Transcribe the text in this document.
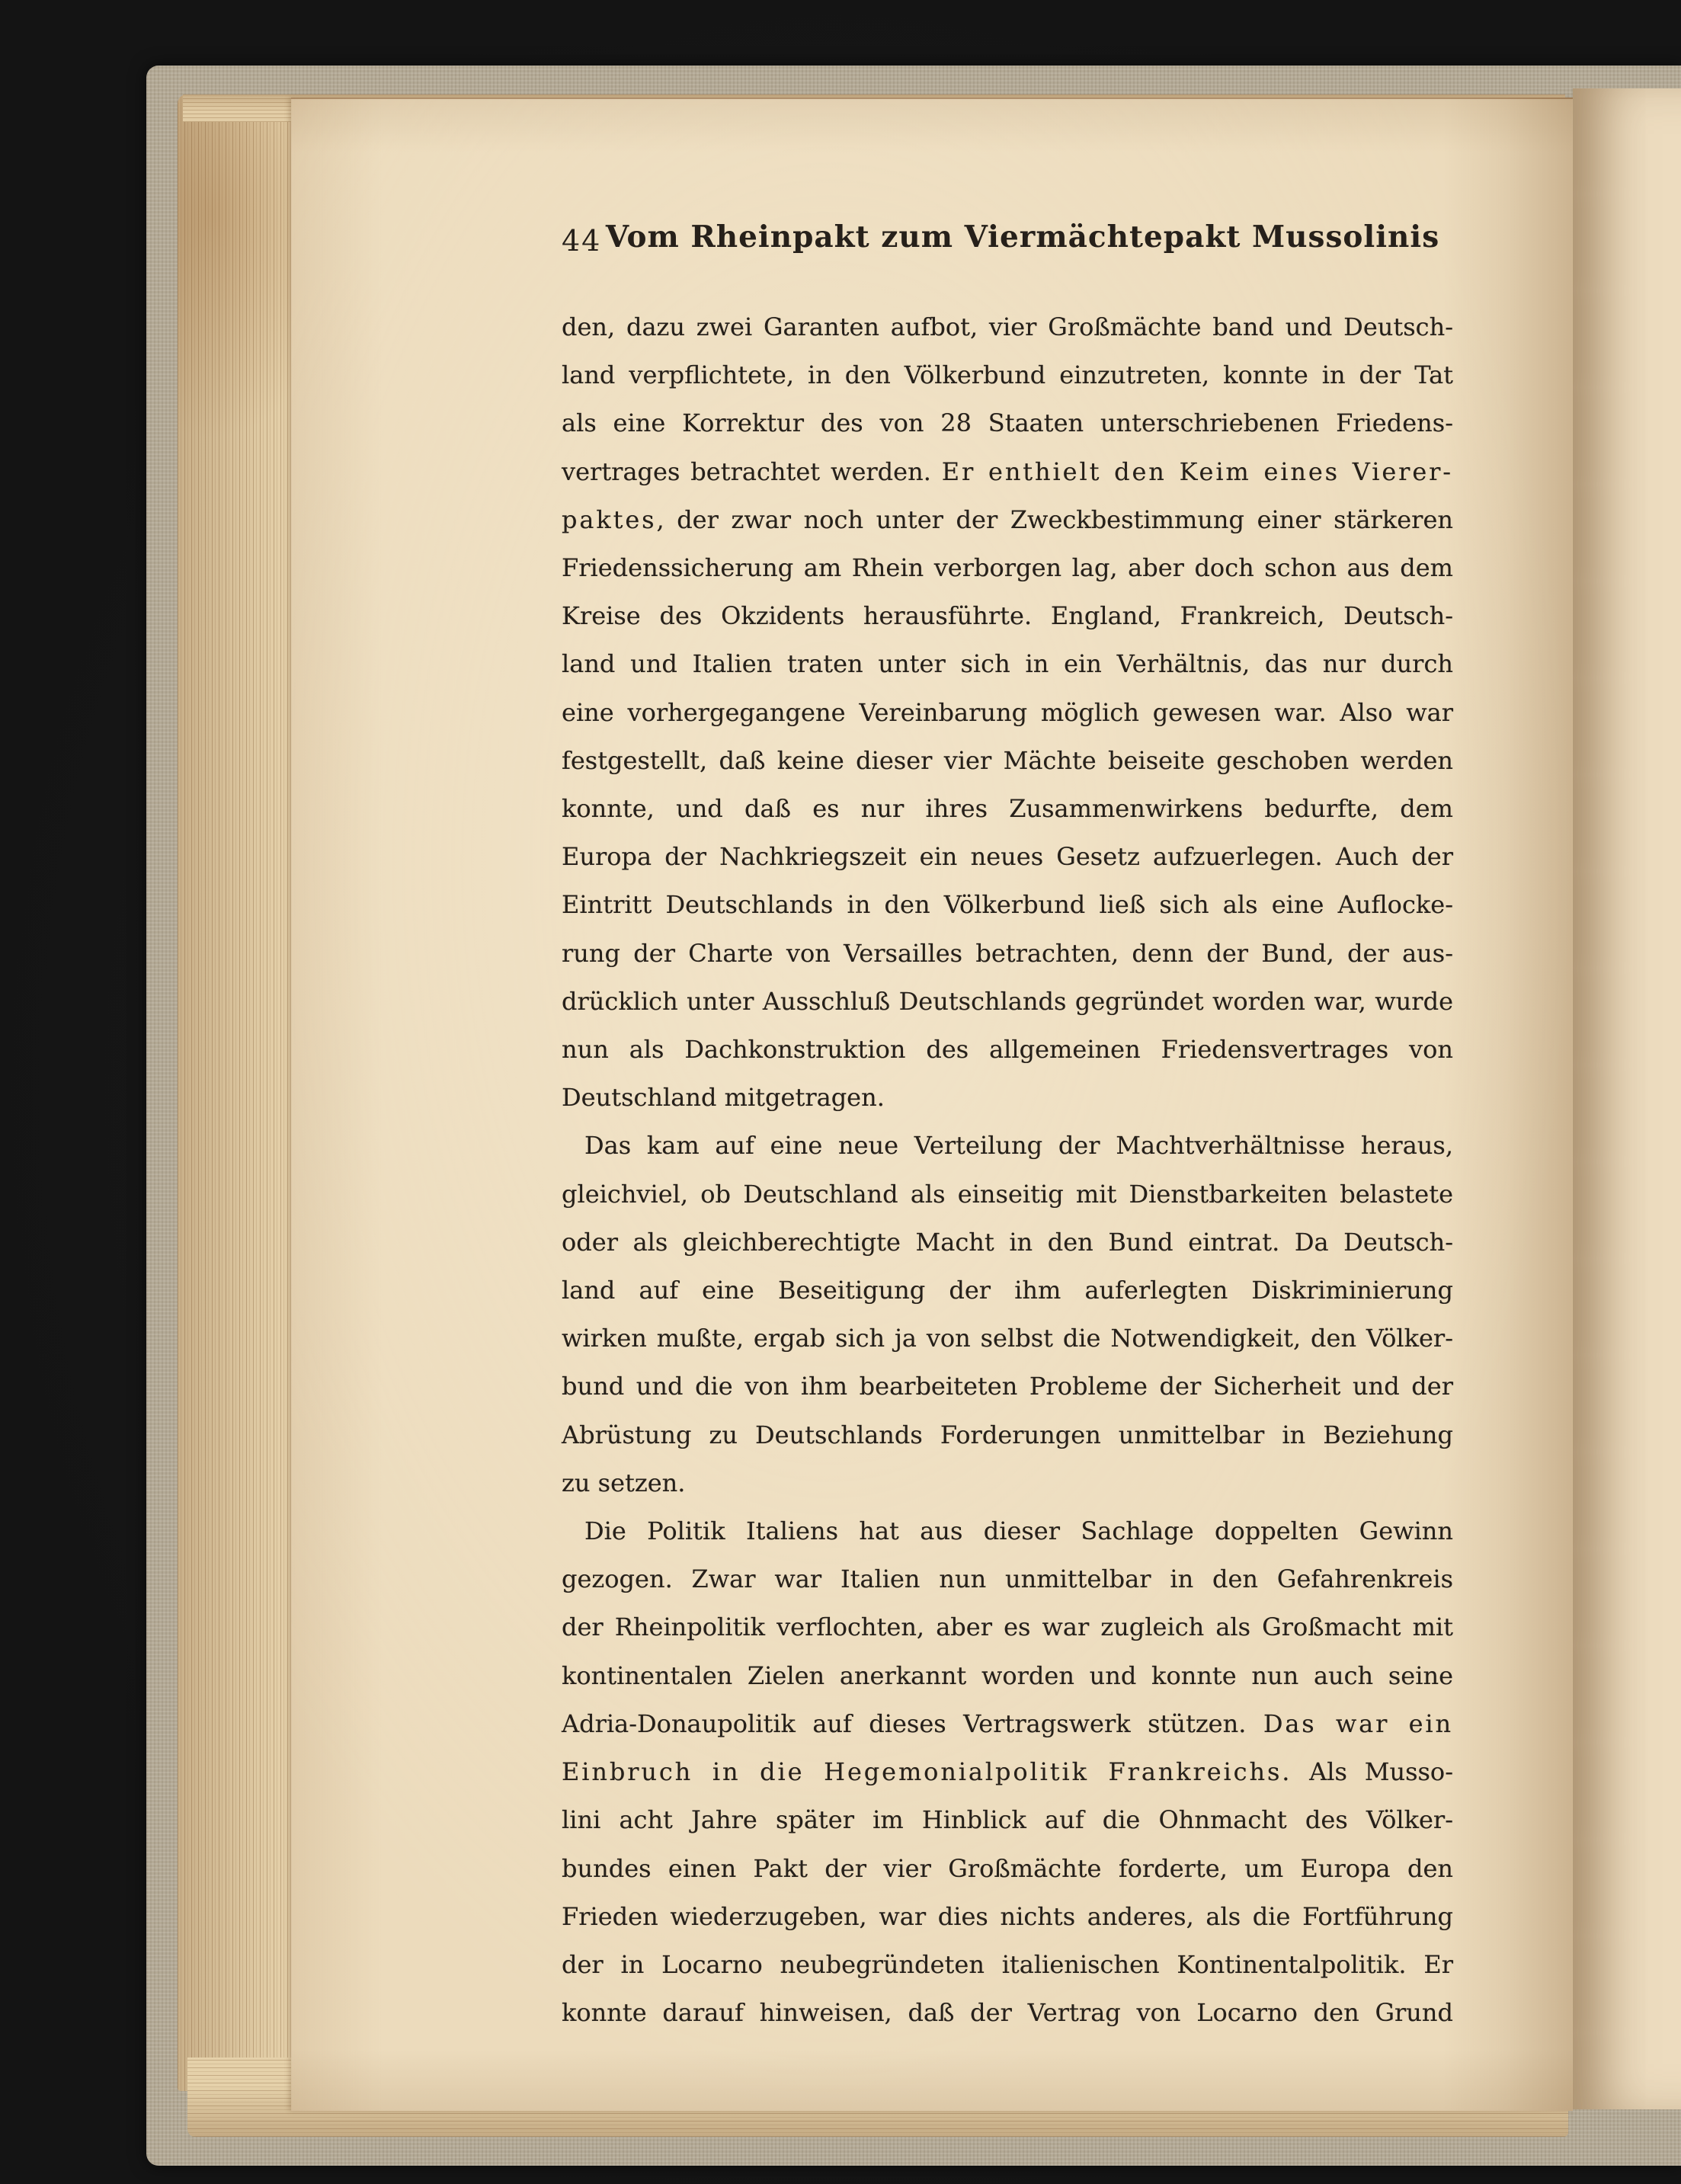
44 Vom Rheinpakt zum Viermächtepakt Mussolinis
den, dazu zwei Garanten aufbot, vier Großmächte band und Deutsch-
land verpflichtete, in den Völkerbund einzutreten, konnte in der Tat
als eine Korrektur des von 28 Staaten unterschriebenen Friedens-
vertrages betrachtet werden. Er enthielt den Keim eines Vierer-
paktes, der zwar noch unter der Zweckbestimmung einer stärkeren
Friedenssicherung am Rhein verborgen lag, aber doch schon aus dem
Kreise des Okzidents herausführte. England, Frankreich, Deutsch-
land und Italien traten unter sich in ein Verhältnis, das nur durch
eine vorhergegangene Vereinbarung möglich gewesen war. Also war
festgestellt, daß keine dieser vier Mächte beiseite geschoben werden
konnte, und daß es nur ihres Zusammenwirkens bedurfte, dem
Europa der Nachkriegszeit ein neues Gesetz aufzuerlegen. Auch der
Eintritt Deutschlands in den Völkerbund ließ sich als eine Auflocke-
rung der Charte von Versailles betrachten, denn der Bund, der aus-
drücklich unter Ausschluß Deutschlands gegründet worden war, wurde
nun als Dachkonstruktion des allgemeinen Friedensvertrages von
Deutschland mitgetragen.
Das kam auf eine neue Verteilung der Machtverhältnisse heraus,
gleichviel, ob Deutschland als einseitig mit Dienstbarkeiten belastete
oder als gleichberechtigte Macht in den Bund eintrat. Da Deutsch-
land auf eine Beseitigung der ihm auferlegten Diskriminierung
wirken mußte, ergab sich ja von selbst die Notwendigkeit, den Völker-
bund und die von ihm bearbeiteten Probleme der Sicherheit und der
Abrüstung zu Deutschlands Forderungen unmittelbar in Beziehung
zu setzen.
Die Politik Italiens hat aus dieser Sachlage doppelten Gewinn
gezogen. Zwar war Italien nun unmittelbar in den Gefahrenkreis
der Rheinpolitik verflochten, aber es war zugleich als Großmacht mit
kontinentalen Zielen anerkannt worden und konnte nun auch seine
Adria-Donaupolitik auf dieses Vertragswerk stützen. Das war ein
Einbruch in die Hegemonialpolitik Frankreichs. Als Musso-
lini acht Jahre später im Hinblick auf die Ohnmacht des Völker-
bundes einen Pakt der vier Großmächte forderte, um Europa den
Frieden wiederzugeben, war dies nichts anderes, als die Fortführung
der in Locarno neubegründeten italienischen Kontinentalpolitik. Er
konnte darauf hinweisen, daß der Vertrag von Locarno den Grund
